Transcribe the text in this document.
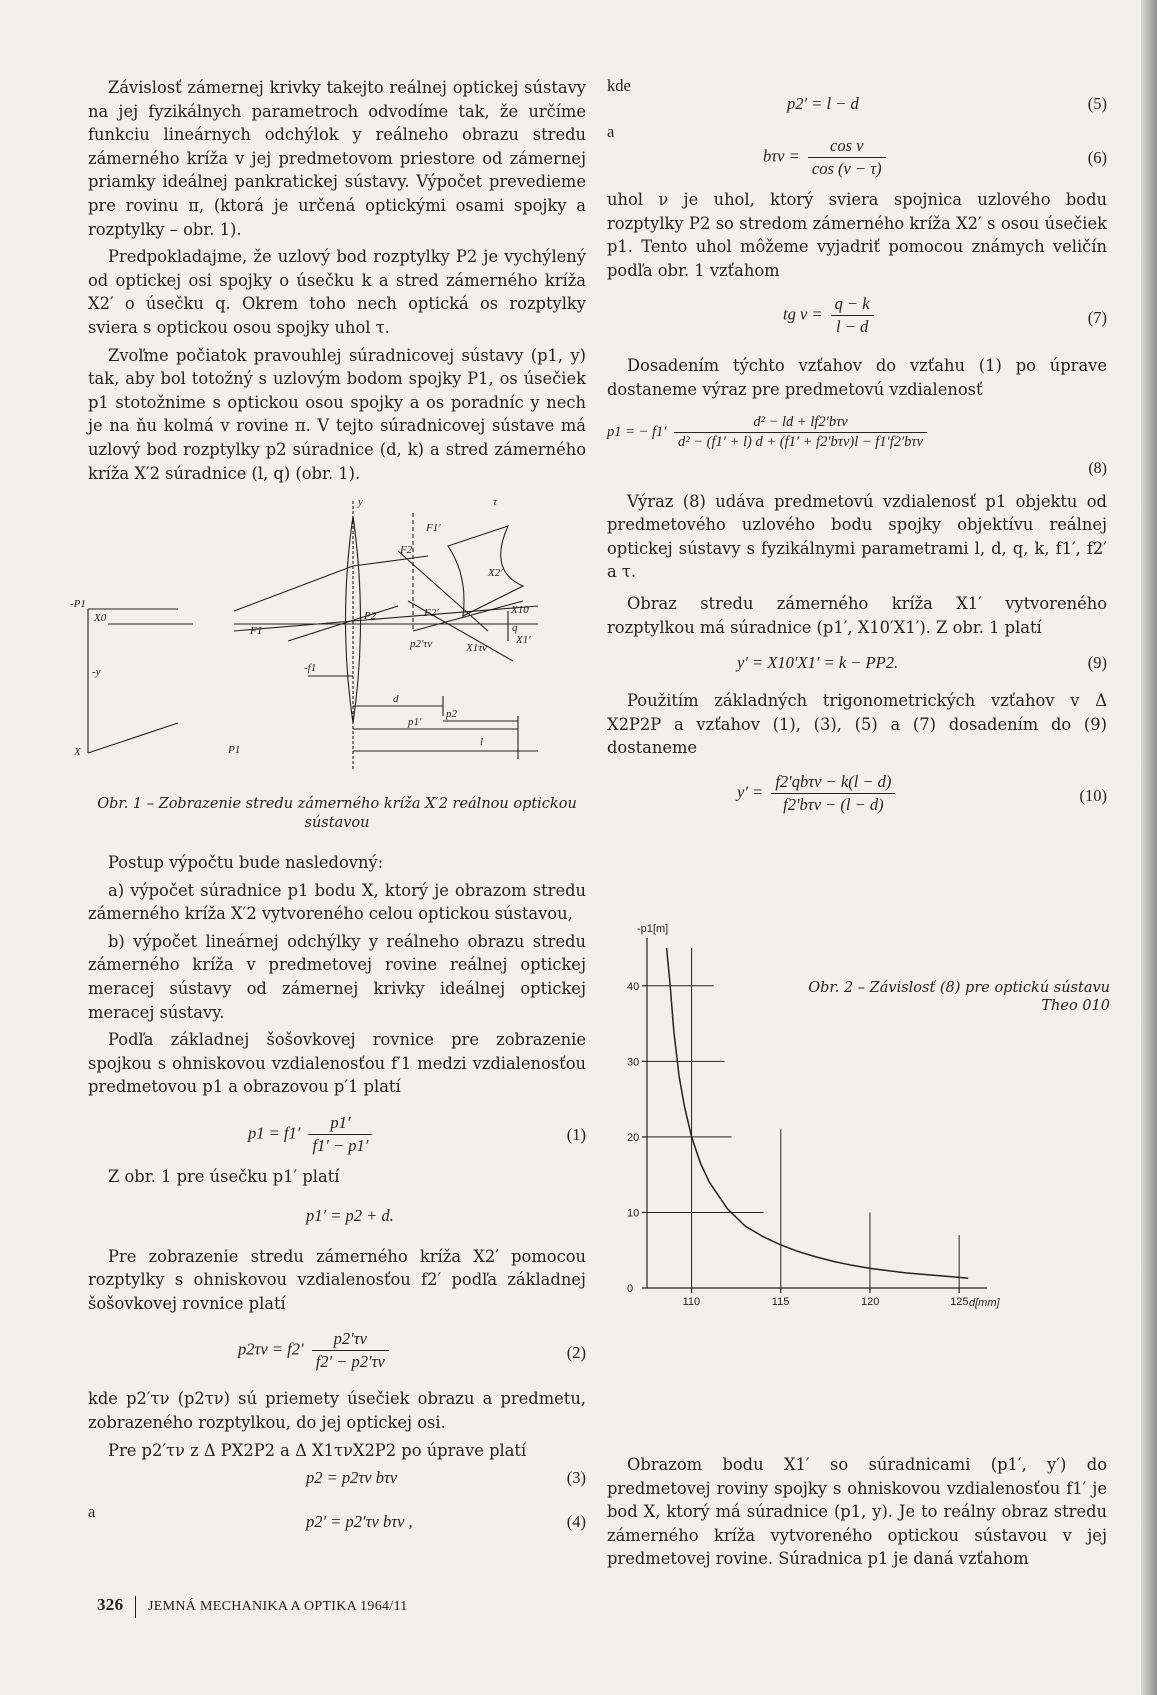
Závislosť zámernej krivky takejto reálnej optickej sústavy na jej fyzikálnych parametroch odvodíme tak, že určíme funkciu lineárnych odchýlok y reálneho obrazu stredu zámerného kríža v jej predmetovom priestore od zámernej priamky ideálnej pankratickej sústavy. Výpočet prevedieme pre rovinu π, (ktorá je určená optickými osami spojky a rozptylky – obr. 1).

Predpokladajme, že uzlový bod rozptylky P2 je vychýlený od optickej osi spojky o úsečku k a stred zámerného kríža X2′ o úsečku q. Okrem toho nech optická os rozptylky sviera s optickou osou spojky uhol τ.

Zvoľme počiatok pravouhlej súradnicovej sústavy (p1, y) tak, aby bol totožný s uzlovým bodom spojky P1, os úsečiek p1 stotožnime s optickou osou spojky a os poradníc y nech je na ňu kolmá v rovine π. V tejto súradnicovej sústave má uzlový bod rozptylky p2 súradnice (d, k) a stred zámerného kríža X′2 súradnice (l, q) (obr. 1).

y	τ
-P1
X0
-y
X
F1
P2
P1
F1′
F2
F2′
-f1
d
p2
p1′
l
X2′
X10
X1′
p2′τν	X1τν
q

Obr. 1 – Zobrazenie stredu zámerného kríža X′2 reálnou optickou sústavou

Postup výpočtu bude nasledovný:

a) výpočet súradnice p1 bodu X, ktorý je obrazom stredu zámerného kríža X′2 vytvoreného celou optickou sústavou,

b) výpočet lineárnej odchýlky y reálneho obrazu stredu zámerného kríža v predmetovej rovine reálnej optickej meracej sústavy od zámernej krivky ideálnej optickej meracej sústavy.

Podľa základnej šošovkovej rovnice pre zobrazenie spojkou s ohniskovou vzdialenosťou f′1 medzi vzdialenosťou predmetovou p1 a obrazovou p′1 platí

$p1 = f1' \frac{p1'}{f1' - p1'}$	(1)

Z obr. 1 pre úsečku p1′ platí

p1′ = p2 + d.

Pre zobrazenie stredu zámerného kríža X2′ pomocou rozptylky s ohniskovou vzdialenosťou f2′ podľa základnej šošovkovej rovnice platí

$p2\tau\nu = f2' \frac{p2'\tau\nu}{f2' - p2'\tau\nu}$	(2)

kde p2′τν (p2τν) sú priemety úsečiek obrazu a predmetu, zobrazeného rozptylkou, do jej optickej osi.

Pre p2′τν z Δ PX2P2 a Δ X1τνX2P2 po úprave platí

p2 = p2τν bτν	(3)
a
p2′ = p2′τν bτν ,	(4)
kde
p2′ = l − d	(5)
a
$b\tau\nu = \frac{\text{cos ν}}{\cos (\nu - \tau)}$	(6)

uhol ν je uhol, ktorý sviera spojnica uzlového bodu rozptylky P2 so stredom zámerného kríža X2′ s osou úsečiek p1. Tento uhol môžeme vyjadriť pomocou známych veličín podľa obr. 1 vzťahom

tg $\nu = \frac{q - k}{l - d}$	(7)

Dosadením týchto vzťahov do vzťahu (1) po úprave dostaneme výraz pre predmetovú vzdialenosť

p1 = − $f1' \frac{\text{d² − ld + lf2′bτν}}{\text{d² − (f1′ + l) d + (f1′ + f2′bτν)l − f1′f2′bτν}}$
(8)

Výraz (8) udáva predmetovú vzdialenosť p1 objektu od predmetového uzlového bodu spojky objektívu reálnej optickej sústavy s fyzikálnymi parametrami l, d, q, k, f1′, f2′ a τ.

Obraz stredu zámerného kríža X1′ vytvoreného rozptylkou má súradnice (p1′, X10′X1′). Z obr. 1 platí

y′ = X10′X1′ = k − PP2.	(9)

Použitím základných trigonometrických vzťahov v Δ X2P2P a vzťahov (1), (3), (5) a (7) dosadením do (9) dostaneme

$y' = \frac{\text{f2′qbτν − k(l − d)}}{\text{f2′bτν − (l − d)}}$	(10)
0
10
20
30
40
110	115	120	125
-p1[m]
d[mm]

Obr. 2 – Závislosť (8) pre optickú sústavu Theo 010

Obrazom bodu X1′ so súradnicami (p1′, y′) do predmetovej roviny spojky s ohniskovou vzdialenosťou f1′ je bod X, ktorý má súradnice (p1, y). Je to reálny obraz stredu zámerného kríža vytvoreného optickou sústavou v jej predmetovej rovine. Súradnica p1 je daná vzťahom

326 JEMNÁ MECHANIKA A OPTIKA 1964/11
